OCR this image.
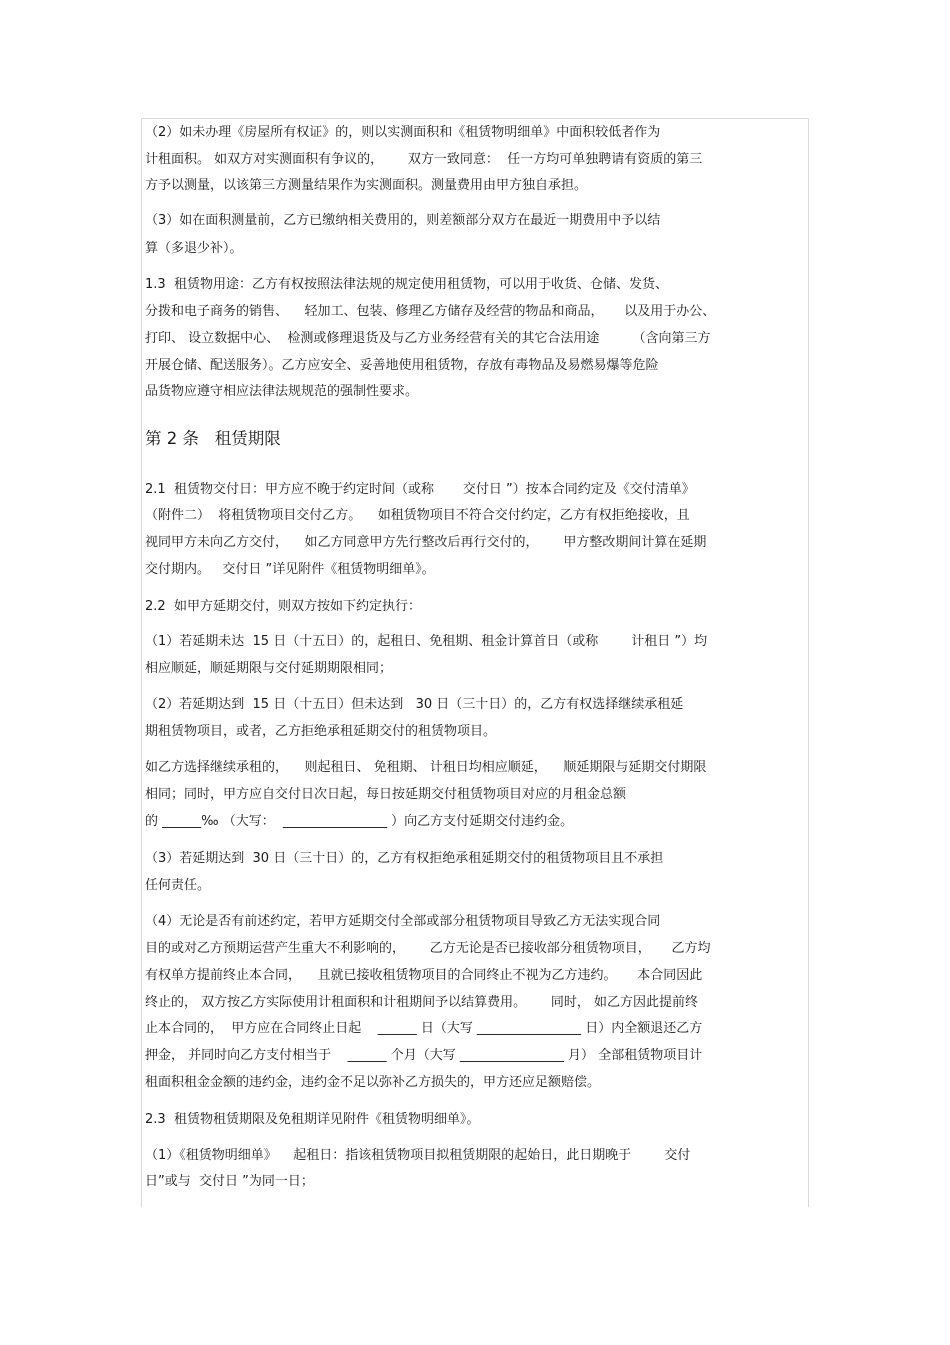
（2）如未办理《房屋所有权证》的，则以实测面积和《租赁物明细单》中面积较低者作为
计租面积。 如双方对实测面积有争议的，      双方一致同意：  任一方均可单独聘请有资质的第三
方予以测量，以该第三方测量结果作为实测面积。测量费用由甲方独自承担。
（3）如在面积测量前，乙方已缴纳相关费用的，则差额部分双方在最近一期费用中予以结
算（多退少补）。
1.3  租赁物用途：乙方有权按照法律法规的规定使用租赁物，可以用于收货、仓储、发货、
分拨和电子商务的销售、    轻加工、包装、修理乙方储存及经营的物品和商品，     以及用于办公、
打印、 设立数据中心、  检测或修理退货及与乙方业务经营有关的其它合法用途        （含向第三方
开展仓储、配送服务）。乙方应安全、妥善地使用租赁物，存放有毒物品及易燃易爆等危险
品货物应遵守相应法律法规规范的强制性要求。
第 2 条   租赁期限
2.1  租赁物交付日：甲方应不晚于约定时间（或称       交付日 ”）按本合同约定及《交付清单》
（附件二）  将租赁物项目交付乙方。    如租赁物项目不符合交付约定，乙方有权拒绝接收，且
视同甲方未向乙方交付，    如乙方同意甲方先行整改后再行交付的，      甲方整改期间计算在延期
交付期内。   交付日 ”详见附件《租赁物明细单》。
2.2  如甲方延期交付，则双方按如下约定执行：
（1）若延期未达  15 日（十五日）的，起租日、免租期、租金计算首日（或称        计租日 ”）均
相应顺延，顺延期限与交付延期期限相同；
（2）若延期达到  15 日（十五日）但未达到   30 日（三十日）的，乙方有权选择继续承租延
期租赁物项目，或者，乙方拒绝承租延期交付的租赁物项目。
如乙方选择继续承租的，    则起租日、 免租期、 计租日均相应顺延，    顺延期限与延期交付期限
相同；同时，甲方应自交付日次日起，每日按延期交付租赁物项目对应的月租金总额
的 ______‰ （大写：  ________________ ）向乙方支付延期交付违约金。
（3）若延期达到  30 日（三十日）的，乙方有权拒绝承租延期交付的租赁物项目且不承担
任何责任。
（4）无论是否有前述约定，若甲方延期交付全部或部分租赁物项目导致乙方无法实现合同
目的或对乙方预期运营产生重大不利影响的，      乙方无论是否已接收部分租赁物项目，     乙方均
有权单方提前终止本合同，    且就已接收租赁物项目的合同终止不视为乙方违约。     本合同因此
终止的， 双方按乙方实际使用计租面积和计租期间予以结算费用。      同时， 如乙方因此提前终
止本合同的，  甲方应在合同终止日起    ______ 日（大写 ________________ 日）内全额退还乙方
押金， 并同时向乙方支付相当于    ______ 个月（大写 ________________ 月） 全部租赁物项目计
租面积租金金额的违约金，违约金不足以弥补乙方损失的，甲方还应足额赔偿。
2.3  租赁物租赁期限及免租期详见附件《租赁物明细单》。
（1）《租赁物明细单》    起租日：指该租赁物项目拟租赁期限的起始日，此日期晚于        交付
日”或与  交付日 ”为同一日；
